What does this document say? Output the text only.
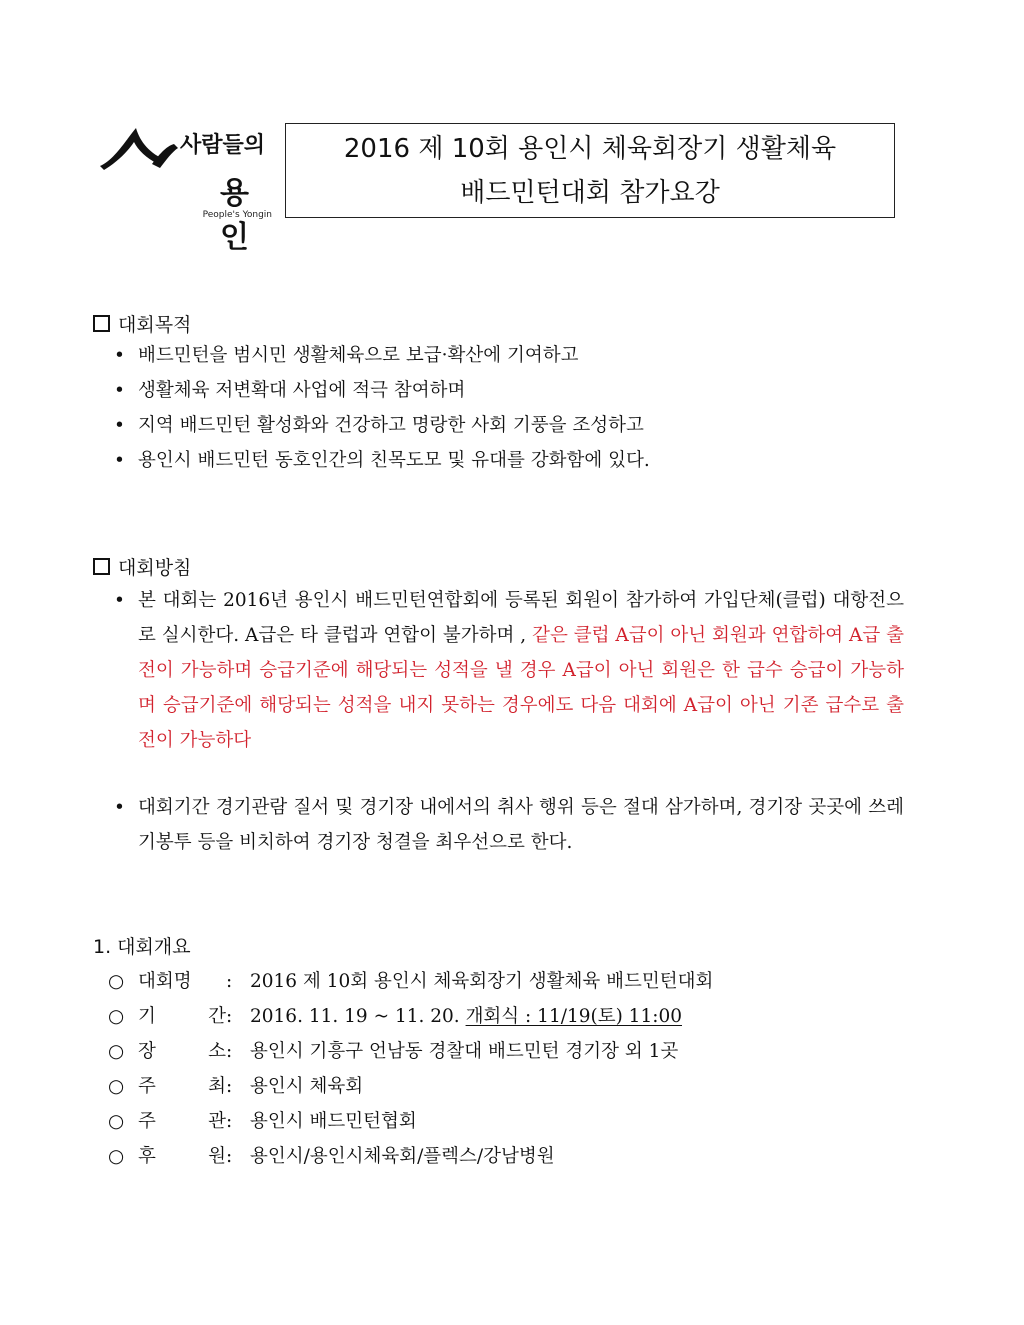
사람들의
용인
People's Yongin
2016 제 10회 용인시 체육회장기 생활체육
배드민턴대회 참가요강
대회목적
• 배드민턴을 범시민 생활체육으로 보급·확산에 기여하고
• 생활체육 저변확대 사업에 적극 참여하며
• 지역 배드민턴 활성화와 건강하고 명랑한 사회 기풍을 조성하고
• 용인시 배드민턴 동호인간의 친목도모 및 유대를 강화함에 있다.
대회방침
• 본 대회는 2016년 용인시 배드민턴연합회에 등록된 회원이 참가하여 가입단체(클럽) 대항전으로 실시한다. A급은 타 클럽과 연합이 불가하며 , 같은 클럽 A급이 아닌 회원과 연합하여 A급 출전이 가능하며 승급기준에 해당되는 성적을 낼 경우 A급이 아닌 회원은 한 급수 승급이 가능하며 승급기준에 해당되는 성적을 내지 못하는 경우에도 다음 대회에 A급이 아닌 기존 급수로 출전이 가능하다
• 대회기간 경기관람 질서 및 경기장 내에서의 취사 행위 등은 절대 삼가하며, 경기장 곳곳에 쓰레기봉투 등을 비치하여 경기장 청결을 최우선으로 한다.
1. 대회개요
○ 대회명 : 2016 제 10회 용인시 체육회장기 생활체육 배드민턴대회
○ 기 간: 2016. 11. 19 ~ 11. 20. 개회식 : 11/19(토) 11:00
○ 장 소: 용인시 기흥구 언남동 경찰대 배드민턴 경기장 외 1곳
○ 주 최: 용인시 체육회
○ 주 관: 용인시 배드민턴협회
○ 후 원: 용인시/용인시체육회/플렉스/강남병원
